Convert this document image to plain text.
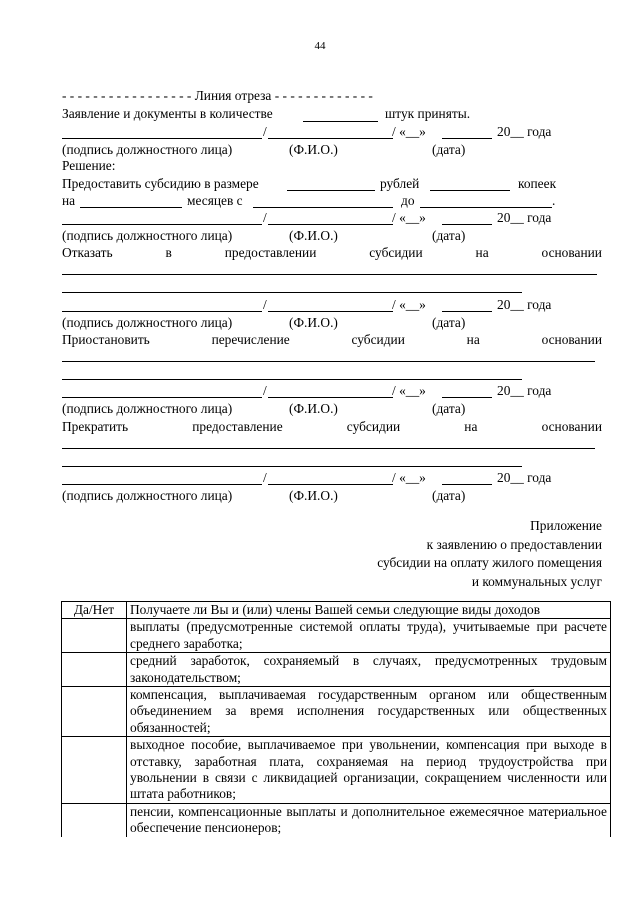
44
- - - - - - - - - - - - - - - - - Линия отреза - - - - - - - - - - - - -
Заявление и документы в количестве	штук приняты.
/	/ «__»	20__ года
(подпись должностного лица)	(Ф.И.О.)	(дата)
Решение:
Предоставить субсидию в размере	рублей	копеек
на	месяцев с	до	.
/	/ «__»	20__ года
(подпись должностного лица)	(Ф.И.О.)	(дата)
Отказать	в	предоставлении	субсидии	на	основании
/	/ «__»	20__ года
(подпись должностного лица)	(Ф.И.О.)	(дата)
Приостановить	перечисление	субсидии	на	основании
/	/ «__»	20__ года
(подпись должностного лица)	(Ф.И.О.)	(дата)
Прекратить	предоставление	субсидии	на	основании
/	/ «__»	20__ года
(подпись должностного лица)	(Ф.И.О.)	(дата)
Приложение
к заявлению о предоставлении
субсидии на оплату жилого помещения
и коммунальных услуг
Да/Нет	Получаете ли Вы и (или) члены Вашей семьи следующие виды доходов
	выплаты (предусмотренные системой оплаты труда), учитываемые при расчете среднего заработка;
	средний заработок, сохраняемый в случаях, предусмотренных трудовым законодательством;
	компенсация, выплачиваемая государственным органом или общественным объединением за время исполнения государственных или общественных обязанностей;
	выходное пособие, выплачиваемое при увольнении, компенсация при выходе в отставку, заработная плата, сохраняемая на период трудоустройства при увольнении в связи с ликвидацией организации, сокращением численности или штата работников;
	пенсии, компенсационные выплаты и дополнительное ежемесячное материальное обеспечение пенсионеров;
